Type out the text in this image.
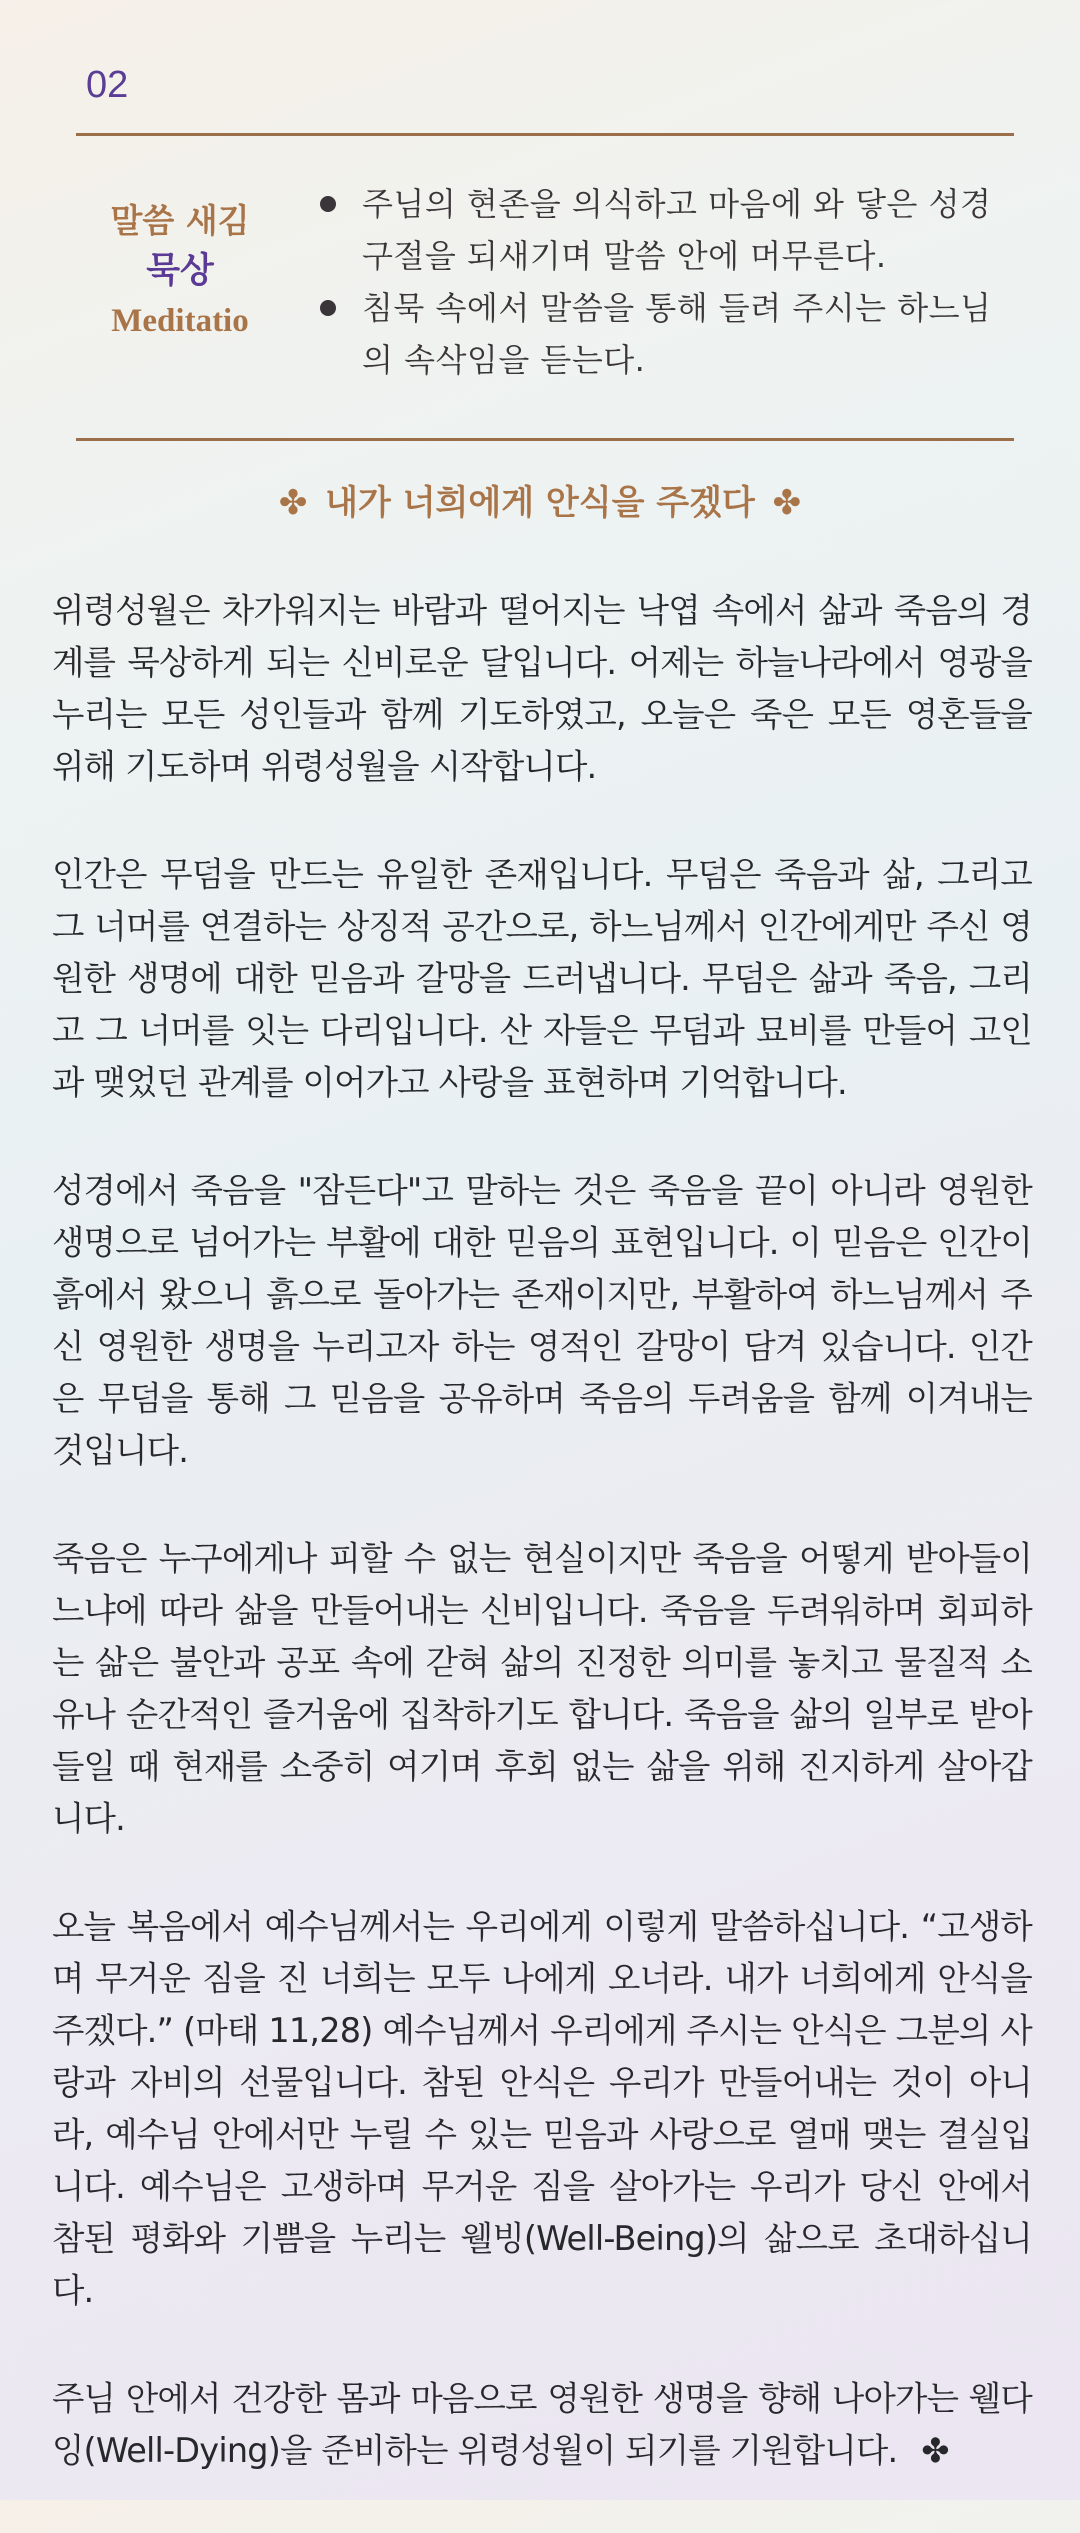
02
말씀 새김
묵상
Meditatio
주님의 현존을 의식하고 마음에 와 닿은 성경구절을 되새기며 말씀 안에 머무른다.
침묵 속에서 말씀을 통해 들려 주시는 하느님의 속삭임을 듣는다.
✤ 내가 너희에게 안식을 주겠다 ✤

위령성월은 차가워지는 바람과 떨어지는 낙엽 속에서 삶과 죽음의 경계를 묵상하게 되는 신비로운 달입니다. 어제는 하늘나라에서 영광을 누리는 모든 성인들과 함께 기도하였고, 오늘은 죽은 모든 영혼들을 위해 기도하며 위령성월을 시작합니다.

인간은 무덤을 만드는 유일한 존재입니다. 무덤은 죽음과 삶, 그리고 그 너머를 연결하는 상징적 공간으로, 하느님께서 인간에게만 주신 영원한 생명에 대한 믿음과 갈망을 드러냅니다. 무덤은 삶과 죽음, 그리고 그 너머를 잇는 다리입니다. 산 자들은 무덤과 묘비를 만들어 고인과 맺었던 관계를 이어가고 사랑을 표현하며 기억합니다.

성경에서 죽음을 "잠든다"고 말하는 것은 죽음을 끝이 아니라 영원한 생명으로 넘어가는 부활에 대한 믿음의 표현입니다. 이 믿음은 인간이 흙에서 왔으니 흙으로 돌아가는 존재이지만, 부활하여 하느님께서 주신 영원한 생명을 누리고자 하는 영적인 갈망이 담겨 있습니다. 인간은 무덤을 통해 그 믿음을 공유하며 죽음의 두려움을 함께 이겨내는 것입니다.

죽음은 누구에게나 피할 수 없는 현실이지만 죽음을 어떻게 받아들이느냐에 따라 삶을 만들어내는 신비입니다. 죽음을 두려워하며 회피하는 삶은 불안과 공포 속에 갇혀 삶의 진정한 의미를 놓치고 물질적 소유나 순간적인 즐거움에 집착하기도 합니다. 죽음을 삶의 일부로 받아들일 때 현재를 소중히 여기며 후회 없는 삶을 위해 진지하게 살아갑니다.

오늘 복음에서 예수님께서는 우리에게 이렇게 말씀하십니다. “고생하며 무거운 짐을 진 너희는 모두 나에게 오너라. 내가 너희에게 안식을 주겠다.” (마태 11,28) 예수님께서 우리에게 주시는 안식은 그분의 사랑과 자비의 선물입니다. 참된 안식은 우리가 만들어내는 것이 아니라, 예수님 안에서만 누릴 수 있는 믿음과 사랑으로 열매 맺는 결실입니다. 예수님은 고생하며 무거운 짐을 살아가는 우리가 당신 안에서 참된 평화와 기쁨을 누리는 웰빙(Well-Being)의 삶으로 초대하십니다.

주님 안에서 건강한 몸과 마음으로 영원한 생명을 향해 나아가는 웰다잉(Well-Dying)을 준비하는 위령성월이 되기를 기원합니다. ✤
